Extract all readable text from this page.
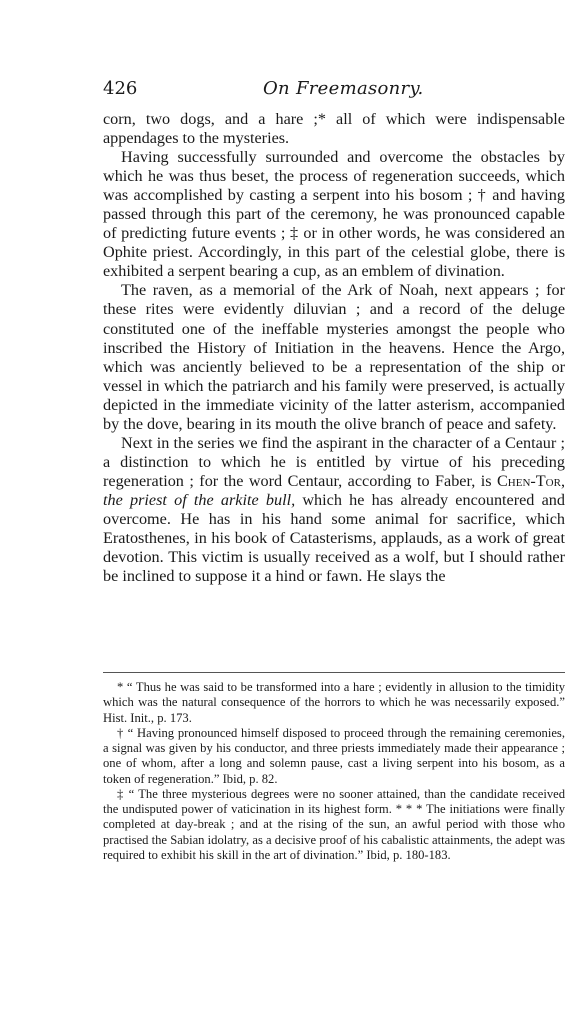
426	On Freemasonry.

corn, two dogs, and a hare ;* all of which were indispensable appendages to the mysteries.

Having successfully surrounded and overcome the obstacles by which he was thus beset, the process of regeneration succeeds, which was accomplished by casting a serpent into his bosom ; † and having passed through this part of the ceremony, he was pronounced capable of predicting future events ; ‡ or in other words, he was considered an Ophite priest. Accordingly, in this part of the celestial globe, there is exhibited a serpent bearing a cup, as an emblem of divination.

The raven, as a memorial of the Ark of Noah, next appears ; for these rites were evidently diluvian ; and a record of the deluge constituted one of the ineffable mysteries amongst the people who inscribed the History of Initiation in the heavens. Hence the Argo, which was anciently believed to be a representation of the ship or vessel in which the patriarch and his family were preserved, is actually depicted in the immediate vicinity of the latter asterism, accompanied by the dove, bearing in its mouth the olive branch of peace and safety.

Next in the series we find the aspirant in the character of a Centaur ; a distinction to which he is entitled by virtue of his preceding regeneration ; for the word Centaur, according to Faber, is Chen-Tor, the priest of the arkite bull, which he has already encountered and overcome. He has in his hand some animal for sacrifice, which Eratosthenes, in his book of Catasterisms, applauds, as a work of great devotion. This victim is usually received as a wolf, but I should rather be inclined to suppose it a hind or fawn. He slays the

* “ Thus he was said to be transformed into a hare ; evidently in allusion to the timidity which was the natural consequence of the horrors to which he was necessarily exposed.” Hist. Init., p. 173.

† “ Having pronounced himself disposed to proceed through the remaining ceremonies, a signal was given by his conductor, and three priests immediately made their appearance ; one of whom, after a long and solemn pause, cast a living serpent into his bosom, as a token of regeneration.” Ibid, p. 82.

‡ “ The three mysterious degrees were no sooner attained, than the candidate received the undisputed power of vaticination in its highest form. * * * The initiations were finally completed at day-break ; and at the rising of the sun, an awful period with those who practised the Sabian idolatry, as a decisive proof of his cabalistic attainments, the adept was required to exhibit his skill in the art of divination.” Ibid, p. 180-183.
